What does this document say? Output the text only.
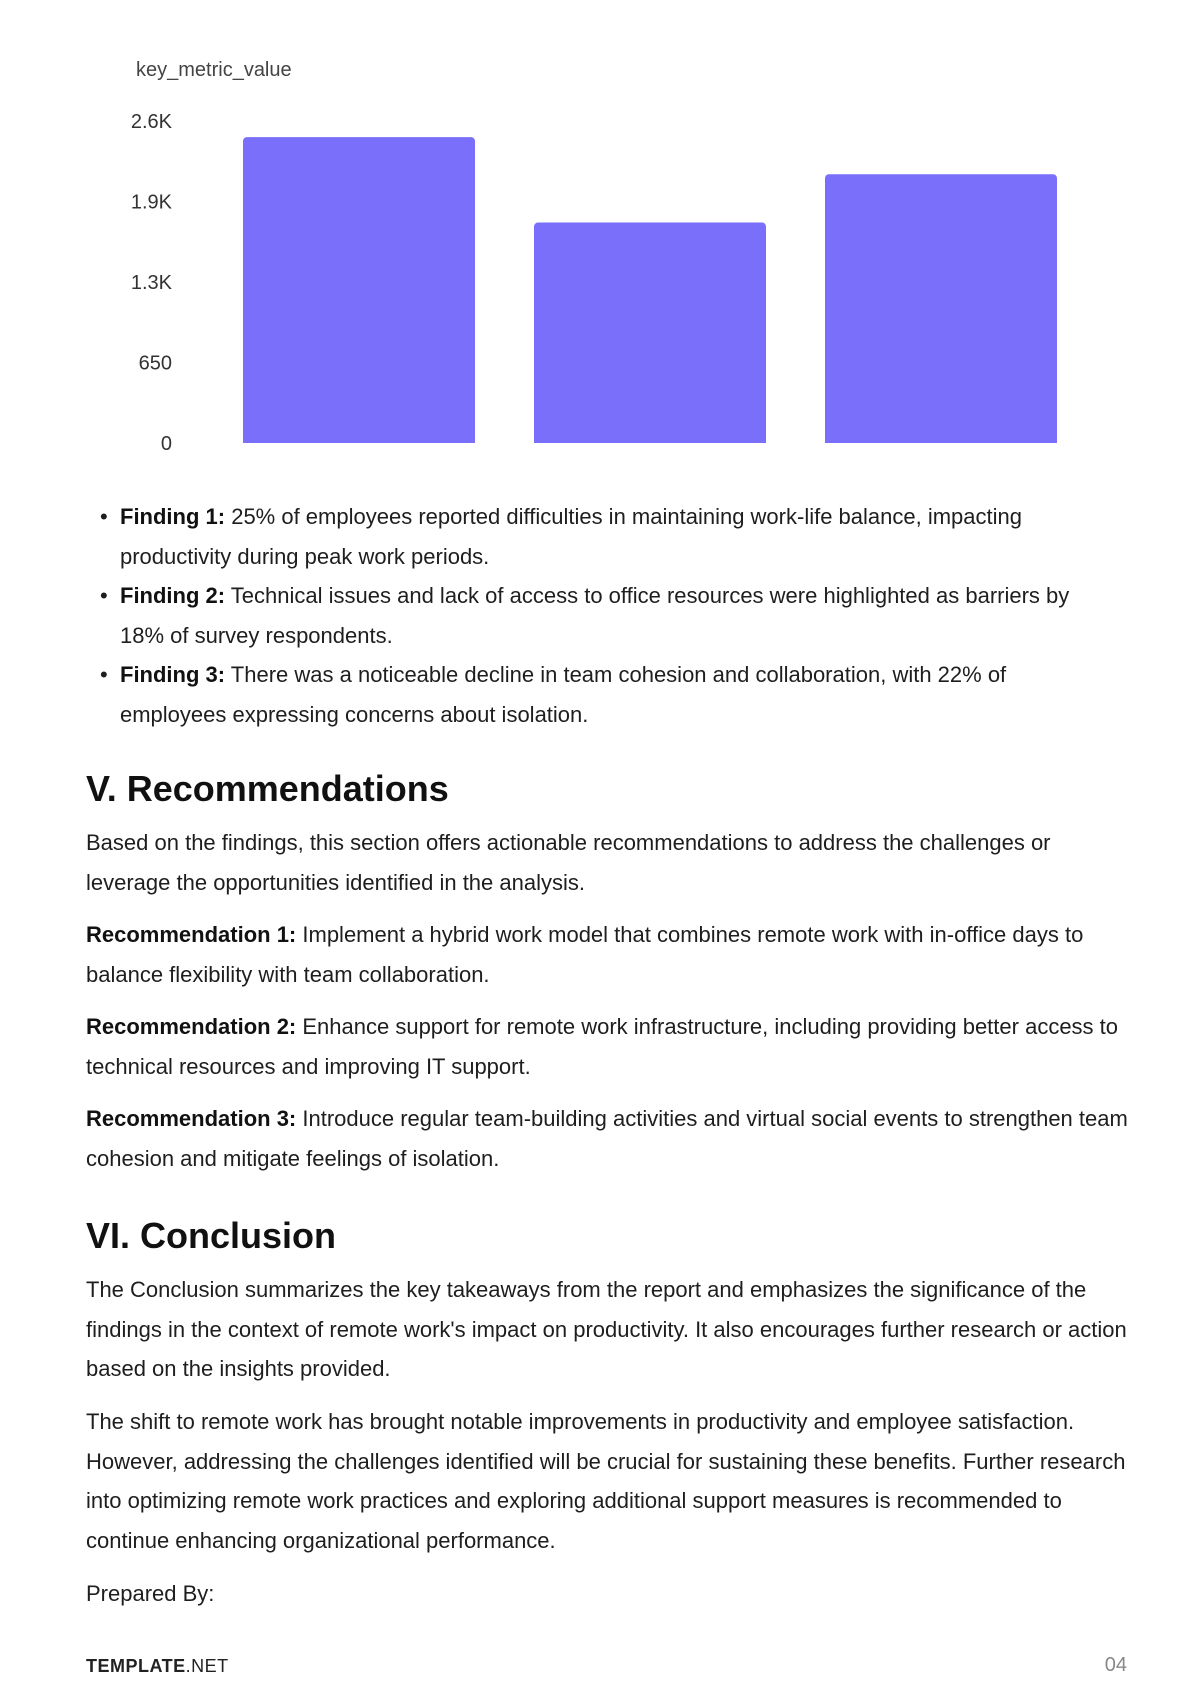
key_metric_value
0
650
1.3K
1.9K
2.6K
• Finding 1: 25% of employees reported difficulties in maintaining work-life balance, impacting productivity during peak work periods.
• Finding 2: Technical issues and lack of access to office resources were highlighted as barriers by 18% of survey respondents.
• Finding 3: There was a noticeable decline in team cohesion and collaboration, with 22% of employees expressing concerns about isolation.
V. Recommendations

Based on the findings, this section offers actionable recommendations to address the challenges or leverage the opportunities identified in the analysis.

Recommendation 1: Implement a hybrid work model that combines remote work with in-office days to balance flexibility with team collaboration.

Recommendation 2: Enhance support for remote work infrastructure, including providing better access to technical resources and improving IT support.

Recommendation 3: Introduce regular team-building activities and virtual social events to strengthen team cohesion and mitigate feelings of isolation.

VI. Conclusion

The Conclusion summarizes the key takeaways from the report and emphasizes the significance of the findings in the context of remote work's impact on productivity. It also encourages further research or action based on the insights provided.

The shift to remote work has brought notable improvements in productivity and employee satisfaction. However, addressing the challenges identified will be crucial for sustaining these benefits. Further research into optimizing remote work practices and exploring additional support measures is recommended to continue enhancing organizational performance.

Prepared By:

TEMPLATE.NET	04
